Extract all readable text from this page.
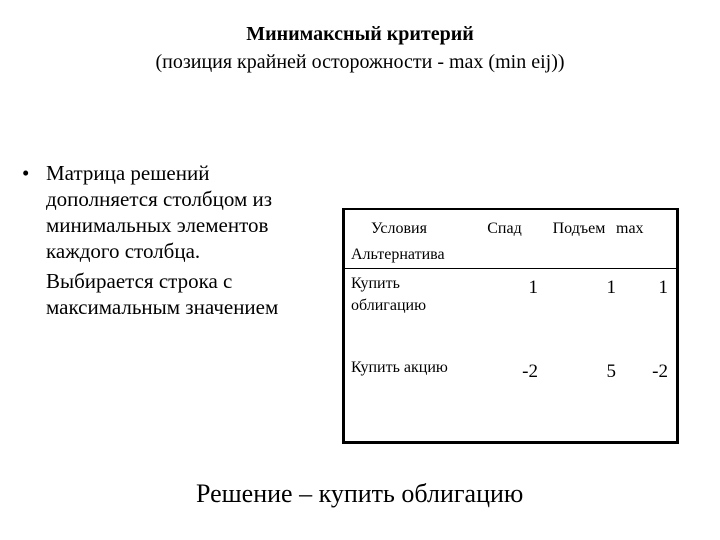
Минимаксный критерий
(позиция крайней осторожности - max (min eij))
• Матрица решений дополняется столбцом из минимальных элементов каждого столбца.

Выбирается строка с максимальным значением

Условия
Альтернатива	Спад	Подъем	max

Купить облигацию	1	1	1

Купить акцию	-2	5	-2
Решение – купить облигацию
